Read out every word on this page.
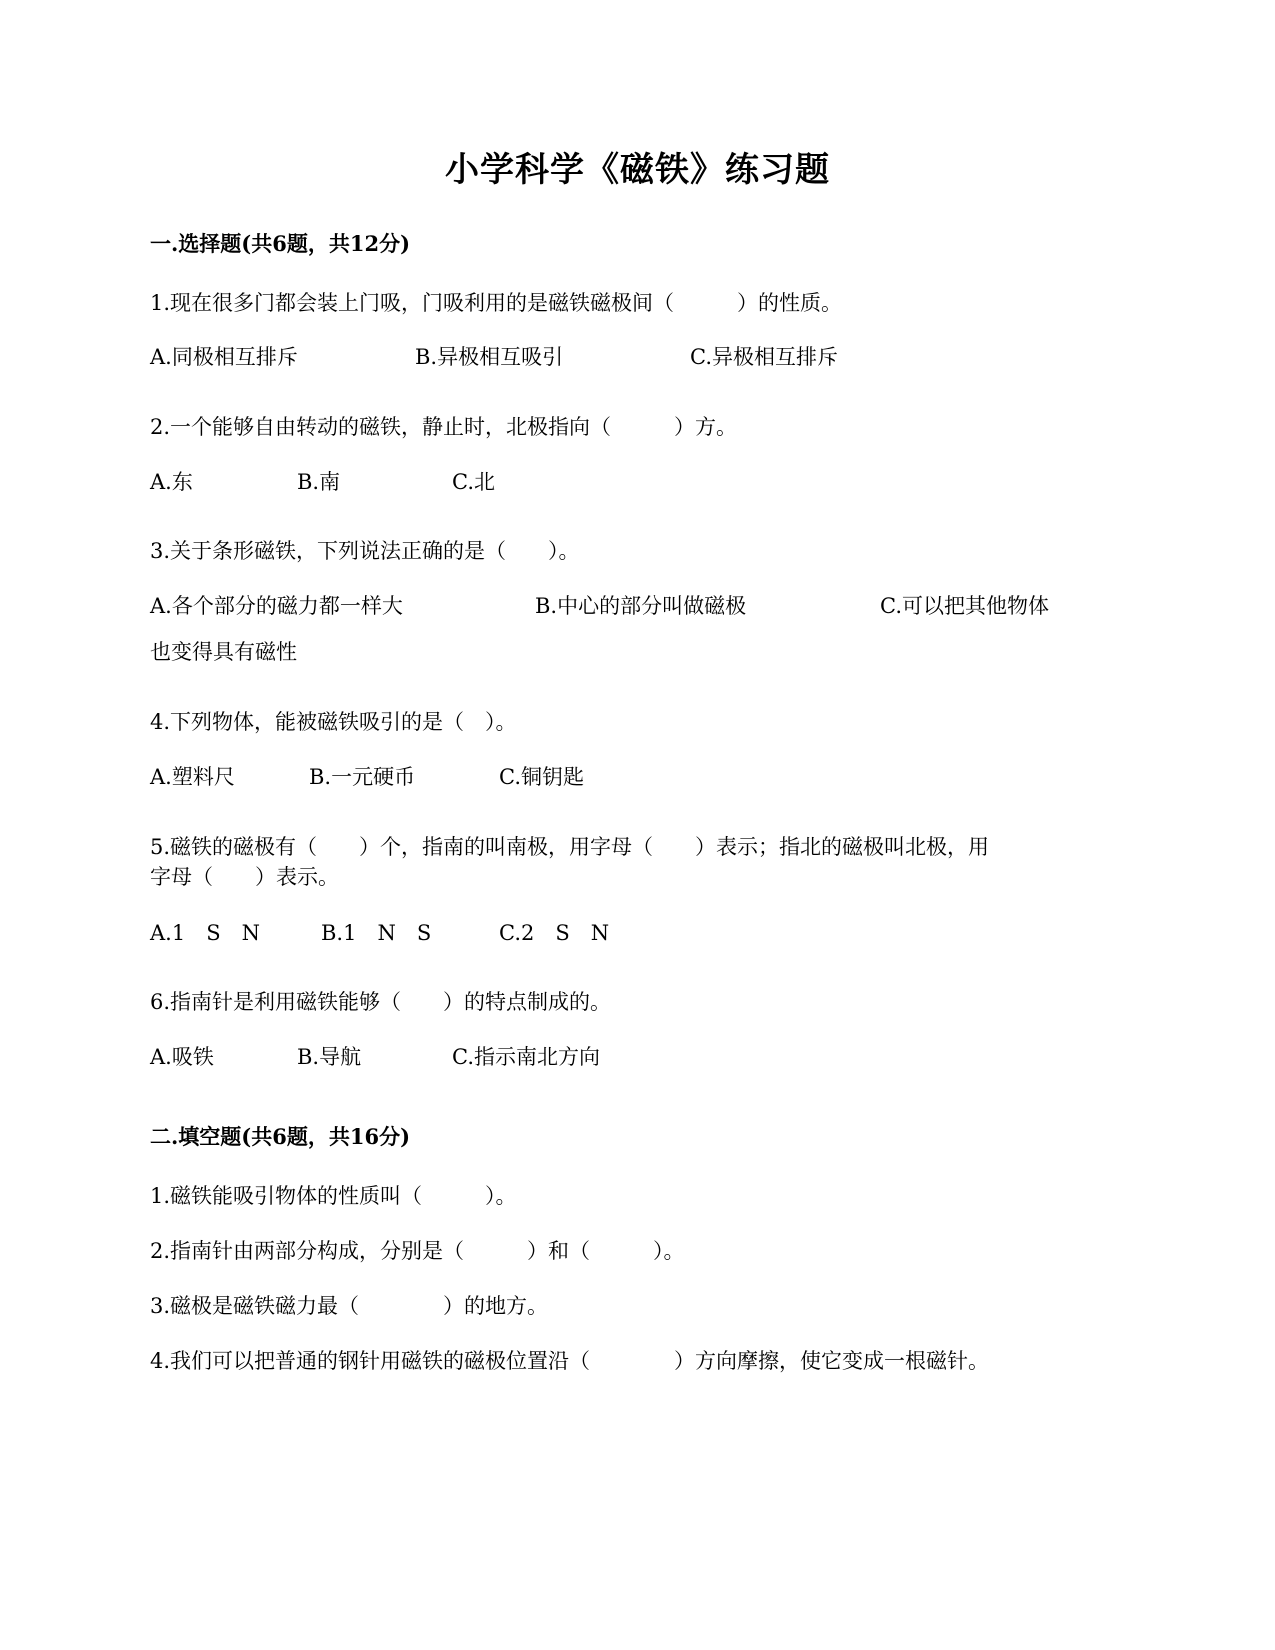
小学科学《磁铁》练习题
一.选择题(共6题，共12分)
1.现在很多门都会装上门吸，门吸利用的是磁铁磁极间（　　　）的性质。
A.同极相互排斥	B.异极相互吸引	C.异极相互排斥
2.一个能够自由转动的磁铁，静止时，北极指向（　　　）方。
A.东	B.南	C.北
3.关于条形磁铁，下列说法正确的是（　　）。
A.各个部分的磁力都一样大	B.中心的部分叫做磁极	C.可以把其他物体
也变得具有磁性
4.下列物体，能被磁铁吸引的是（　）。
A.塑料尺	B.一元硬币	C.铜钥匙
5.磁铁的磁极有（　　）个，指南的叫南极，用字母（　　）表示；指北的磁极叫北极，用
字母（　　）表示。
A.1　S　N	B.1　N　S	C.2　S　N
6.指南针是利用磁铁能够（　　）的特点制成的。
A.吸铁	B.导航	C.指示南北方向
二.填空题(共6题，共16分)
1.磁铁能吸引物体的性质叫（　　　）。
2.指南针由两部分构成，分别是（　　　）和（　　　）。
3.磁极是磁铁磁力最（　　　　）的地方。
4.我们可以把普通的钢针用磁铁的磁极位置沿（　　　　）方向摩擦，使它变成一根磁针。
